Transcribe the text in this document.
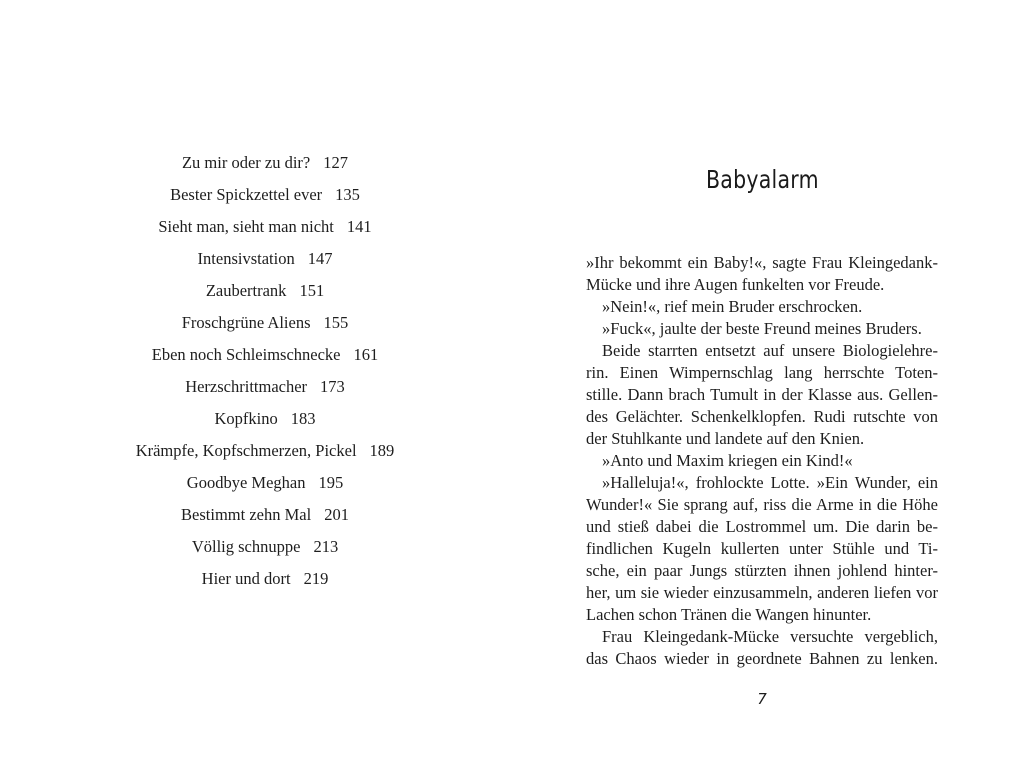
Zu mir oder zu dir? 127
Bester Spickzettel ever 135
Sieht man, sieht man nicht 141
Intensivstation 147
Zaubertrank 151
Froschgrüne Aliens 155
Eben noch Schleimschnecke 161
Herzschrittmacher 173
Kopfkino 183
Krämpfe, Kopfschmerzen, Pickel 189
Goodbye Meghan 195
Bestimmt zehn Mal 201
Völlig schnuppe 213
Hier und dort 219
Babyalarm
»Ihr bekommt ein Baby!«, sagte Frau Kleingedank-
Mücke und ihre Augen funkelten vor Freude.
»Nein!«, rief mein Bruder erschrocken.
»Fuck«, jaulte der beste Freund meines Bruders.
Beide starrten entsetzt auf unsere Biologielehre-
rin. Einen Wimpernschlag lang herrschte Toten-
stille. Dann brach Tumult in der Klasse aus. Gellen-
des Gelächter. Schenkelklopfen. Rudi rutschte von
der Stuhlkante und landete auf den Knien.
»Anto und Maxim kriegen ein Kind!«
»Halleluja!«, frohlockte Lotte. »Ein Wunder, ein
Wunder!« Sie sprang auf, riss die Arme in die Höhe
und stieß dabei die Lostrommel um. Die darin be-
findlichen Kugeln kullerten unter Stühle und Ti-
sche, ein paar Jungs stürzten ihnen johlend hinter-
her, um sie wieder einzusammeln, anderen liefen vor
Lachen schon Tränen die Wangen hinunter.
Frau Kleingedank-Mücke versuchte vergeblich,
das Chaos wieder in geordnete Bahnen zu lenken.
7
